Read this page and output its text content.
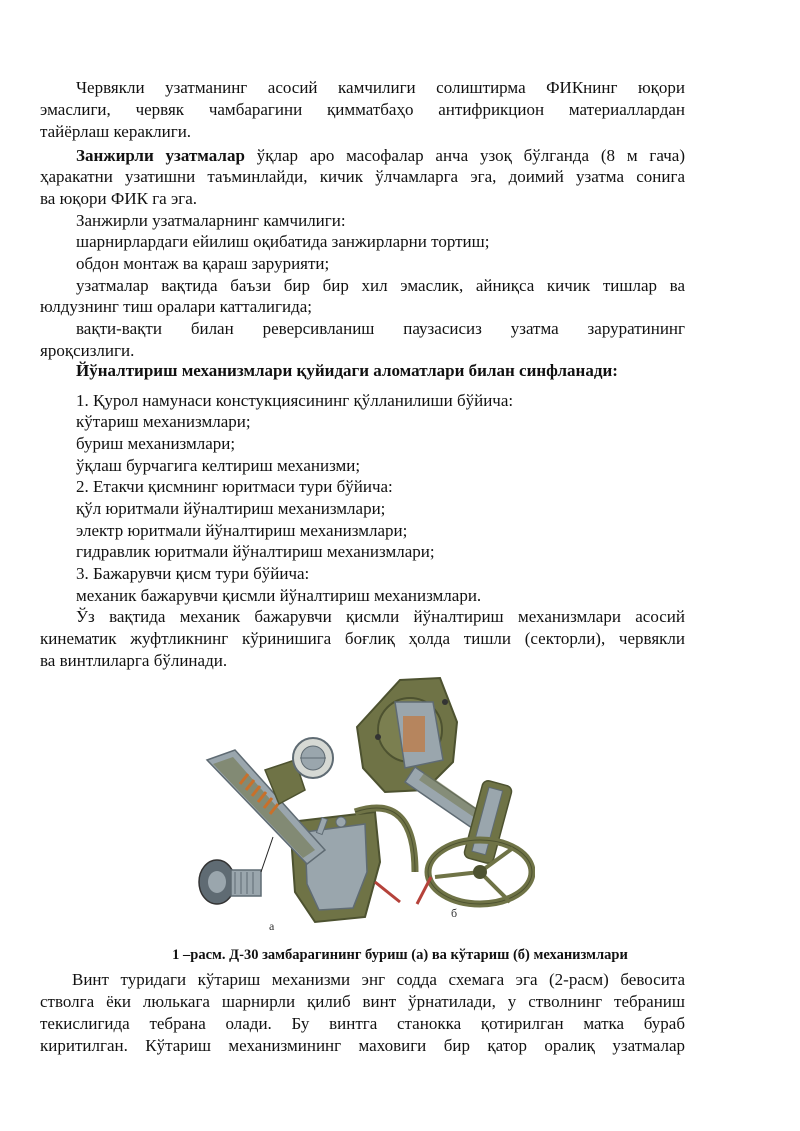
Червякли узатманинг асосий камчилиги солиштирма ФИКнинг юқори
эмаслиги, червяк чамбарагини қимматбаҳо антифрикцион материаллардан
тайёрлаш кераклиги.
Занжирли узатмалар ўқлар аро масофалар анча узоқ бўлганда (8 м гача)
ҳаракатни узатишни таъминлайди, кичик ўлчамларга эга, доимий узатма сонига
ва юқори ФИК га эга.
Занжирли узатмаларнинг камчилиги:
шарнирлардаги ейилиш оқибатида занжирларни тортиш;
обдон монтаж ва қараш зарурияти;
узатмалар вақтида баъзи бир бир хил эмаслик, айниқса кичик тишлар ва
юлдузнинг тиш оралари катталигида;
вақти-вақти билан реверсивланиш паузасисиз узатма заруратининг
яроқсизлиги.
Йўналтириш механизмлари қуйидаги аломатлари билан синфланади:
1. Қурол намунаси констукциясининг қўлланилиши бўйича:
кўтариш механизмлари;
буриш механизмлари;
ўқлаш бурчагига келтириш механизми;
2. Етакчи қисмнинг юритмаси тури бўйича:
қўл юритмали йўналтириш механизмлари;
электр юритмали йўналтириш механизмлари;
гидравлик юритмали йўналтириш механизмлари;
3. Бажарувчи қисм тури бўйича:
механик бажарувчи қисмли йўналтириш механизмлари.
Ўз вақтида механик бажарувчи қисмли йўналтириш механизмлари асосий
кинематик жуфтликнинг кўринишига боғлиқ ҳолда тишли (секторли), червякли
ва винтлиларга бўлинади.
а
б
1 –расм. Д-30 замбарагининг буриш (а) ва кўтариш (б) механизмлари
Винт туридаги кўтариш механизми энг содда схемага эга (2-расм) бевосита
стволга ёки люлькага шарнирли қилиб винт ўрнатилади, у стволнинг тебраниш
текислигида тебрана олади. Бу винтга станокка қотирилган матка бураб
киритилган. Кўтариш механизмининг маховиги бир қатор оралиқ узатмалар
